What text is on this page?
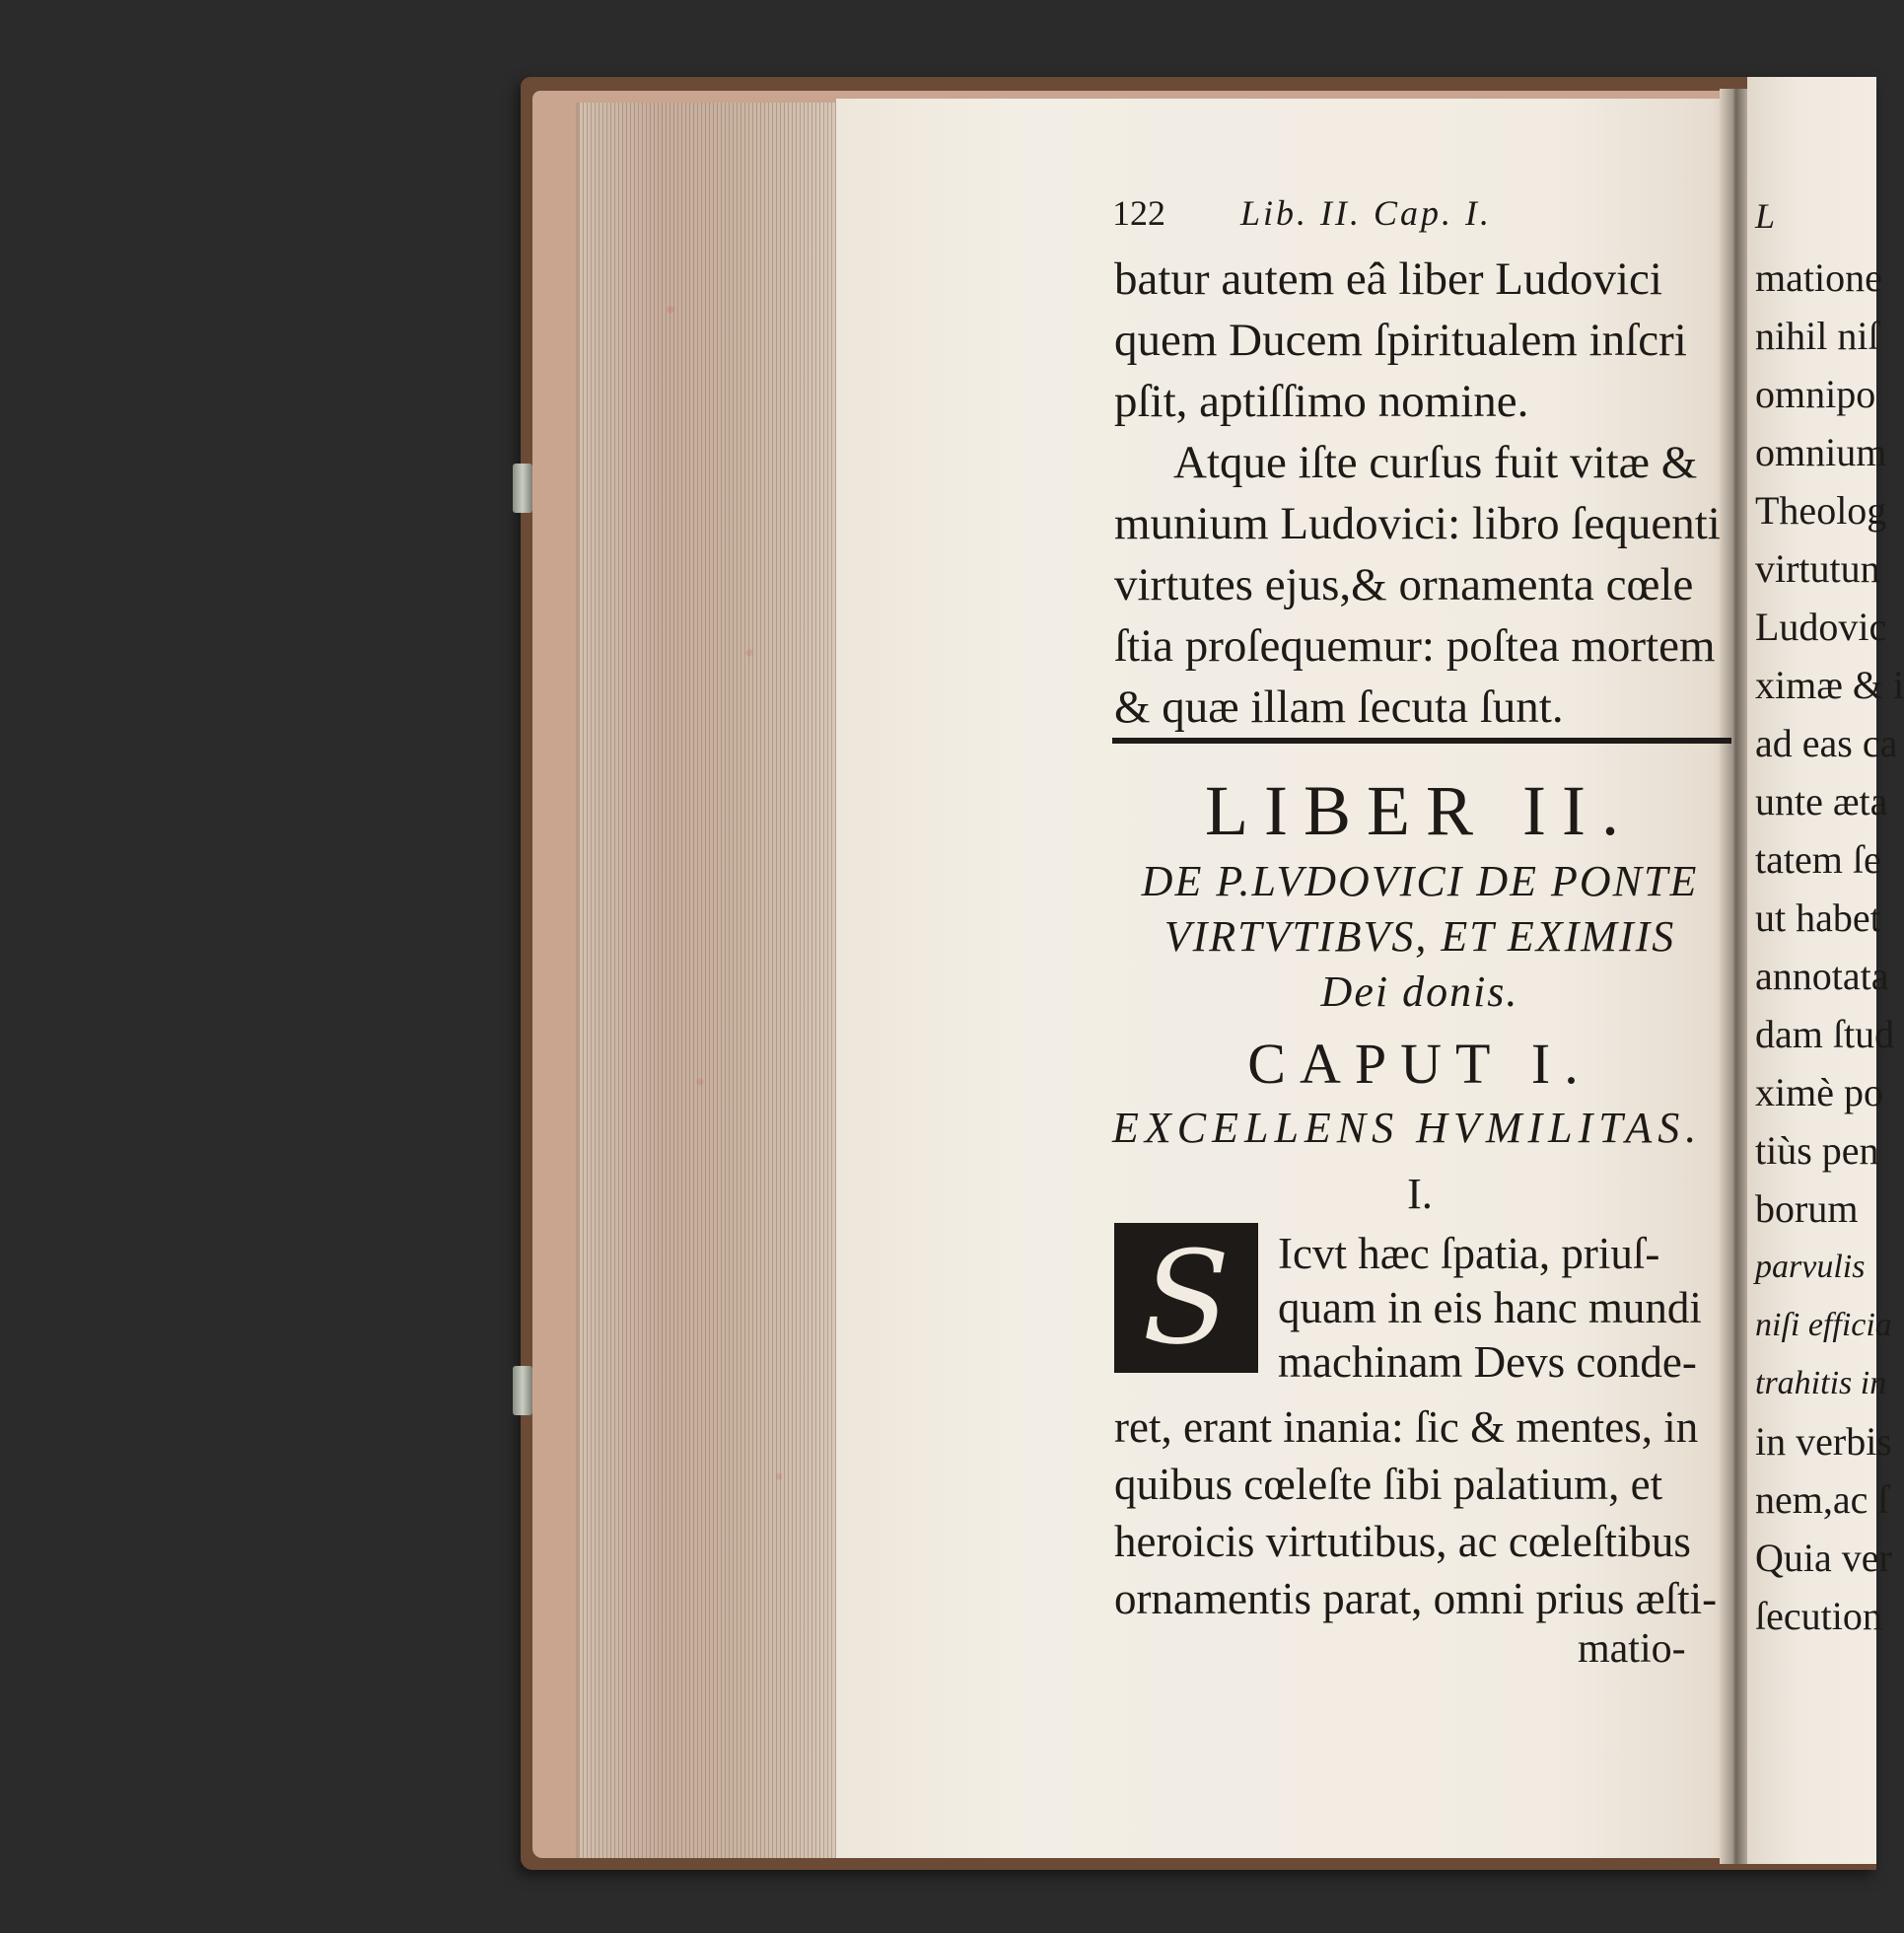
122 Lib. II. Cap. I.
batur autem eâ liber Ludovici
quem Ducem ſpiritualem inſcri
pſit, aptiſſimo nomine.
Atque iſte curſus fuit vitæ &
munium Ludovici: libro ſequenti
virtutes ejus,& ornamenta cœle
ſtia proſequemur: poſtea mortem
& quæ illam ſecuta ſunt.
LIBER II.
DE P.LVDOVICI DE PONTE
VIRTVTIBVS, ET EXIMIIS
Dei donis.
CAPUT I.
EXCELLENS HVMILITAS.
I.
S	Icvt hæc ſpatia, priuſ-
quam in eis hanc mundi
machinam Devs conde-
ret, erant inania: ſic & mentes, in
quibus cœleſte ſibi palatium, et
heroicis virtutibus, ac cœleſtibus
ornamentis parat, omni prius æſti-
matio-
L
matione
nihil niſ
omnipo
omnium
Theolog
virtutun
Ludovic
ximæ & i
ad eas ca
unte æta
tatem ſe
ut habet
annotata
dam ſtud
ximè po
tiùs pen
borum
parvulis
niſi efficia
trahitis in
in verbis
nem,ac ſ
Quia ver
ſecution
